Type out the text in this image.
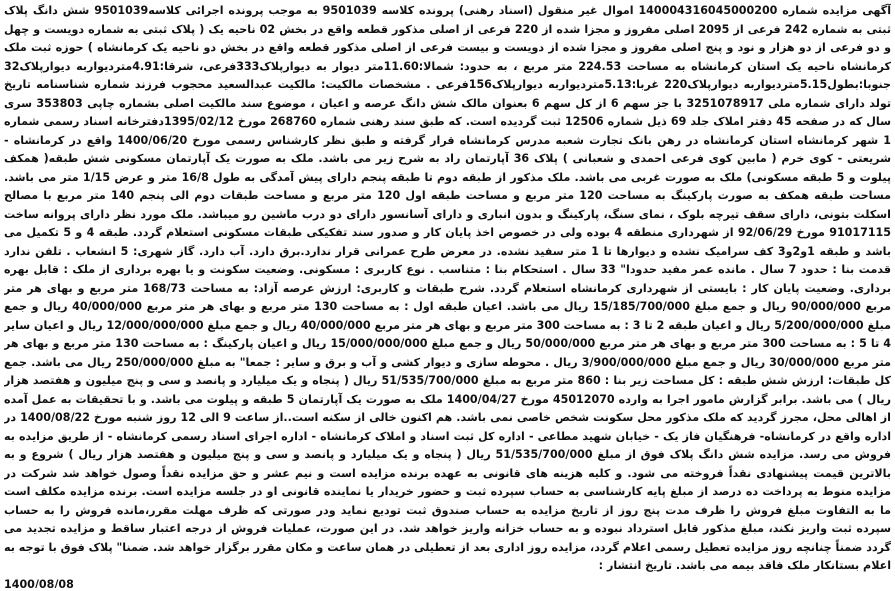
آگهی مزایده شماره 140004316045000200 اموال غیر منقول (اسناد رهنی) پرونده کلاسه 9501039 به موجب پرونده اجرائی کلاسه9501039 شش دانگ پلاک ثبتی به شماره 242 فرعی از 2095 اصلی مفروز و مجزا شده از 220 فرعی از اصلی مذکور قطعه واقع در بخش 02 ناحیه یک ( پلاک ثبتی به شماره دویست و چهل و دو فرعی از دو هزار و نود و پنج اصلی مفروز و مجزا شده از دویست و بیست فرعی از اصلی مذکور قطعه واقع در بخش دو ناحیه یک کرمانشاه ) حوزه ثبت ملک کرمانشاه ناحیه یک استان کرمانشاه به مساحت 224.53 متر مربع ، به حدود: شمالا:11.60متر دیوار به دیوارپلاک333فرعی، شرقا:4.91متردیواربه دیوارپلاک32 جنوبا:بطول5.15متردیواربه دیوارپلاک220 غربا:5.13متردیواربه دیوارپلاک156فرعی . مشخصات مالکیت: مالکیت عبدالسعید محجوب فرزند شماره شناسنامه تاریخ تولد دارای شماره ملی 3251078917 با جز سهم 6 از کل سهم 6 بعنوان مالک شش دانگ عرصه و اعیان ، موضوع سند مالکیت اصلی بشماره چاپی 353803 سری سال که در صفحه 45 دفتر املاک جلد 69 ذیل شماره 12506 ثبت گردیده است. که طبق سند رهنی شماره 268760 مورخ 1395/02/12دفترخانه اسناد رسمی شماره 1 شهر کرمانشاه استان کرمانشاه در رهن بانک تجارت شعبه مدرس کرمانشاه قرار گرفته و طبق نظر کارشناس رسمی مورخ 1400/06/20 واقع در کرمانشاه - شریعتی - کوی خرم ( مابین کوی فرعی احمدی و شعبانی ) پلاک 36 آپارتمان راد به شرح زیر می باشد. ملک به صورت یک آپارتمان مسکونی شش طبقه( همکف پیلوت و 5 طبقه مسکونی) ملک به صورت غربی می باشد. ملک مذکور از طبقه دوم تا طبقه پنجم دارای پیش آمدگی به طول 16/8 متر و عرض 1/15 متر می باشد. مساحت طبقه همکف به صورت پارکینگ به مساحت 120 متر مربع و مساحت طبقه اول 120 متر مربع و مساحت طبقات دوم الی پنجم 140 متر مربع با مصالح اسکلت بتونی، دارای سقف تیرچه بلوک ، نمای سنگ، پارکینگ و بدون انباری و دارای آسانسور دارای دو درب ماشین رو میباشد. ملک مورد نظر دارای پروانه ساخت 91017115 مورخ 92/06/29 از شهرداری منطقه 4 بوده ولی در خصوص اخذ پایان کار و صدور سند تفکیکی طبقات مسکونی استعلام گردد. طبقه 4 و 5 تکمیل می باشد و طبقه 1و2و3 کف سرامیک نشده و دیوارها تا 1 متر سفید نشده. در معرض طرح عمرانی قرار ندارد.برق دارد. آب دارد. گاز شهری: 5 انشعاب . تلفن ندارد قدمت بنا : حدود 7 سال . مانده عمر مفید حدودا" 33 سال . استحکام بنا : متناسب . نوع کاربری : مسکونی. وضعیت سکونت و یا بهره برداری از ملک : قابل بهره برداری. وضعیت پایان کار : بایستی از شهرداری کرمانشاه استعلام گردد. شرح طبقات و کاربری: ارزش عرصه آزاد: به مساحت 168/73 متر مربع و بهای هر متر مربع 90/000/000 ریال و جمع مبلغ 15/185/700/000 ریال می باشد. اعیان طبقه اول : به مساحت 130 متر مربع و بهای هر متر مربع 40/000/000 ریال و جمع مبلغ 5/200/000/000 ریال و اعیان طبقه 2 تا 3 : به مساحت 300 متر مربع و بهای هر متر مربع 40/000/000 ریال و جمع مبلغ 12/000/000/000 ریال و اعیان سایر 4 تا 5 : به مساحت 300 متر مربع و بهای هر متر مربع 50/000/000 ریال و جمع مبلغ 15/000/000/000 ریال و اعیان پارکینگ : به مساحت 130 متر مربع و بهای هر متر مربع 30/000/000 ریال و جمع مبلغ 3/900/000/000 ریال . محوطه سازی و دیوار کشی و آب و برق و سایر : جمعا" به مبلغ 250/000/000 ریال می باشد. جمع کل طبقات: ارزش شش طبقه : کل مساحت زیر بنا : 860 متر مربع به مبلغ 51/535/700/000 ریال ( پنجاه و یک میلیارد و پانصد و سی و پنج میلیون و هفتصد هزار ریال ) می باشد. برابر گزارش مامور اجرا به وارده 45012070 مورخ 1400/04/27 ملک به صورت یک آپارتمان 5 طبقه و پیلوت می باشد. و با تحقیقات به عمل آمده از اهالی محل، مجرز گردید که ملک مذکور محل سکونت شخص خاصی نمی باشد. هم اکنون خالی از سکنه است..از ساعت 9 الی 12 روز شنبه مورخ 1400/08/22 در اداره واقع در کرمانشاه- فرهنگیان فاز یک - خیابان شهید مطاعی - اداره کل ثبت اسناد و املاک کرمانشاه - اداره اجرای اسناد رسمی کرمانشاه - از طریق مزایده به فروش می رسد. مزایده شش دانگ پلاک فوق از مبلغ 51/535/700/000 ریال ( پنجاه و یک میلیارد و پانصد و سی و پنج میلیون و هفتصد هزار ریال ) شروع و به بالاترین قیمت پیشنهادی نقداً فروخته می شود. و کلیه هزینه های قانونی به عهده برنده مزایده است و نیم عشر و حق مزایده نقداً وصول خواهد شد شرکت در مزایده منوط به پرداخت ده درصد از مبلغ پایه کارشناسی به حساب سپرده ثبت و حضور خریدار یا نماینده قانونی او در جلسه مزایده است. برنده مزایده مکلف است ما به التفاوت مبلغ فروش را ظرف مدت پنج روز از تاریخ مزایده به حساب صندوق ثبت تودیع نماید ودر صورتی که ظرف مهلت مقرر،مانده فروش را به حساب سپرده ثبت واریز نکند، مبلغ مذکور قابل استرداد نبوده و به حساب خزانه واریز خواهد شد. در این صورت، عملیات فروش از درجه اعتبار ساقط و مزایده تجدید می گردد ضمناً چنانچه روز مزایده تعطیل رسمی اعلام گردد، مزایده روز اداری بعد از تعطیلی در همان ساعت و مکان مقرر برگزار خواهد شد. ضمنا" پلاک فوق با توجه به اعلام بستانکار ملک فاقد بیمه می باشد. تاریخ انتشار :

1400/08/08
